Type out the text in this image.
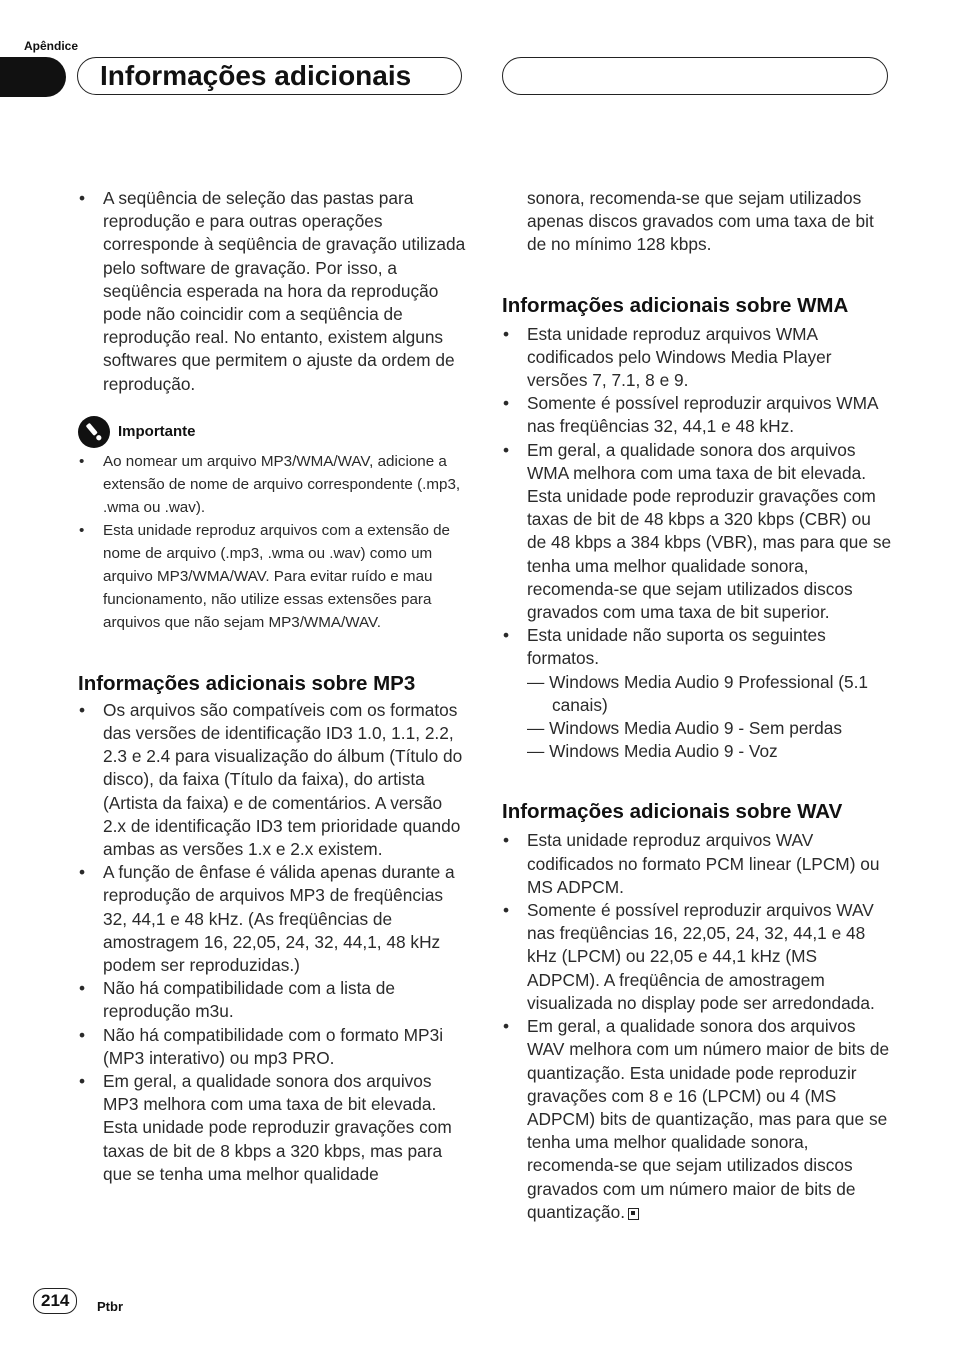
Apêndice
Informações adicionais
• A seqüência de seleção das pastas para reprodução e para outras operações corresponde à seqüência de gravação utilizada pelo software de gravação. Por isso, a seqüência esperada na hora da reprodução pode não coincidir com a seqüência de reprodução real. No entanto, existem alguns softwares que permitem o ajuste da ordem de reprodução.
Importante
• Ao nomear um arquivo MP3/WMA/WAV, adicione a extensão de nome de arquivo correspondente (.mp3, .wma ou .wav).
• Esta unidade reproduz arquivos com a extensão de nome de arquivo (.mp3, .wma ou .wav) como um arquivo MP3/WMA/WAV. Para evitar ruído e mau funcionamento, não utilize essas extensões para arquivos que não sejam MP3/WMA/WAV.
Informações adicionais sobre MP3
• Os arquivos são compatíveis com os formatos das versões de identificação ID3 1.0, 1.1, 2.2, 2.3 e 2.4 para visualização do álbum (Título do disco), da faixa (Título da faixa), do artista (Artista da faixa) e de comentários. A versão 2.x de identificação ID3 tem prioridade quando ambas as versões 1.x e 2.x existem.
• A função de ênfase é válida apenas durante a reprodução de arquivos MP3 de freqüências 32, 44,1 e 48 kHz. (As freqüências de amostragem 16, 22,05, 24, 32, 44,1, 48 kHz podem ser reproduzidas.)
• Não há compatibilidade com a lista de reprodução m3u.
• Não há compatibilidade com o formato MP3i (MP3 interativo) ou mp3 PRO.
• Em geral, a qualidade sonora dos arquivos MP3 melhora com uma taxa de bit elevada. Esta unidade pode reproduzir gravações com taxas de bit de 8 kbps a 320 kbps, mas para que se tenha uma melhor qualidade
sonora, recomenda-se que sejam utilizados apenas discos gravados com uma taxa de bit de no mínimo 128 kbps.
Informações adicionais sobre WMA
• Esta unidade reproduz arquivos WMA codificados pelo Windows Media Player versões 7, 7.1, 8 e 9.
• Somente é possível reproduzir arquivos WMA nas freqüências 32, 44,1 e 48 kHz.
• Em geral, a qualidade sonora dos arquivos WMA melhora com uma taxa de bit elevada. Esta unidade pode reproduzir gravações com taxas de bit de 48 kbps a 320 kbps (CBR) ou de 48 kbps a 384 kbps (VBR), mas para que se tenha uma melhor qualidade sonora, recomenda-se que sejam utilizados discos gravados com uma taxa de bit superior.
• Esta unidade não suporta os seguintes formatos.
— Windows Media Audio 9 Professional (5.1 canais)
— Windows Media Audio 9 - Sem perdas
— Windows Media Audio 9 - Voz
Informações adicionais sobre WAV
• Esta unidade reproduz arquivos WAV codificados no formato PCM linear (LPCM) ou MS ADPCM.
• Somente é possível reproduzir arquivos WAV nas freqüências 16, 22,05, 24, 32, 44,1 e 48 kHz (LPCM) ou 22,05 e 44,1 kHz (MS ADPCM). A freqüência de amostragem visualizada no display pode ser arredondada.
• Em geral, a qualidade sonora dos arquivos WAV melhora com um número maior de bits de quantização. Esta unidade pode reproduzir gravações com 8 e 16 (LPCM) ou 4 (MS ADPCM) bits de quantização, mas para que se tenha uma melhor qualidade sonora, recomenda-se que sejam utilizados discos gravados com um número maior de bits de quantização.
214	Ptbr
